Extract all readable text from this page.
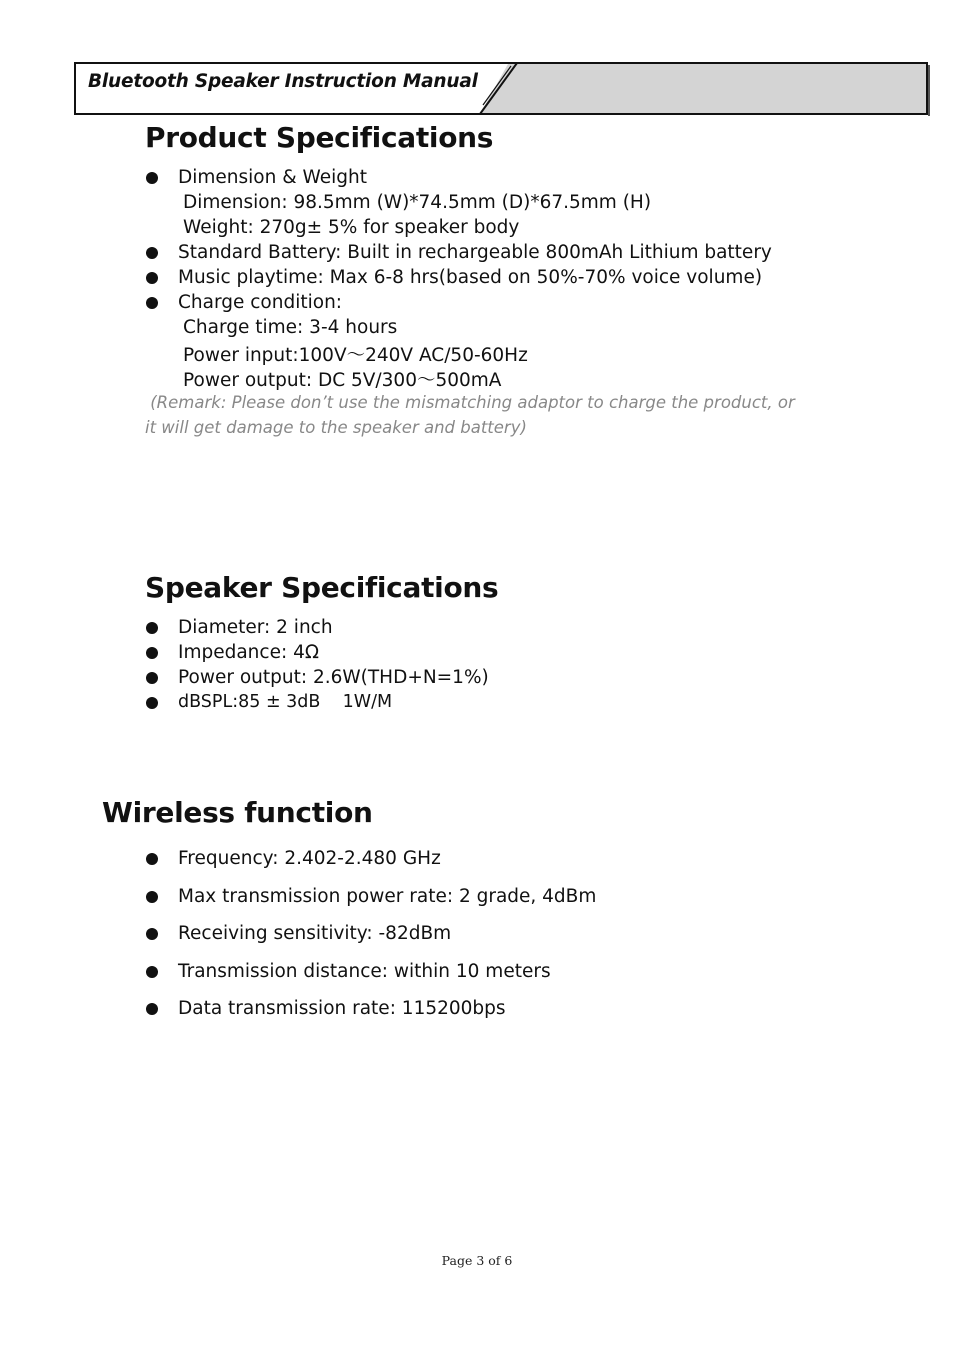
Bluetooth Speaker Instruction Manual
Product Specifications
Dimension & Weight
Dimension: 98.5mm (W)*74.5mm (D)*67.5mm (H)
Weight: 270g± 5% for speaker body
Standard Battery: Built in rechargeable 800mAh Lithium battery
Music playtime: Max 6-8 hrs(based on 50%-70% voice volume)
Charge condition:
Charge time: 3-4 hours
Power input:100V～240V AC/50-60Hz
Power output: DC 5V/300～500mA
(Remark: Please don’t use the mismatching adaptor to charge the product, or
it will get damage to the speaker and battery)
Speaker Specifications
Diameter: 2 inch
Impedance: 4Ω
Power output: 2.6W(THD+N=1%)
dBSPL:85 ± 3dB    1W/M
Wireless function
Frequency: 2.402-2.480 GHz
Max transmission power rate: 2 grade, 4dBm
Receiving sensitivity: -82dBm
Transmission distance: within 10 meters
Data transmission rate: 115200bps
Page 3 of 6
